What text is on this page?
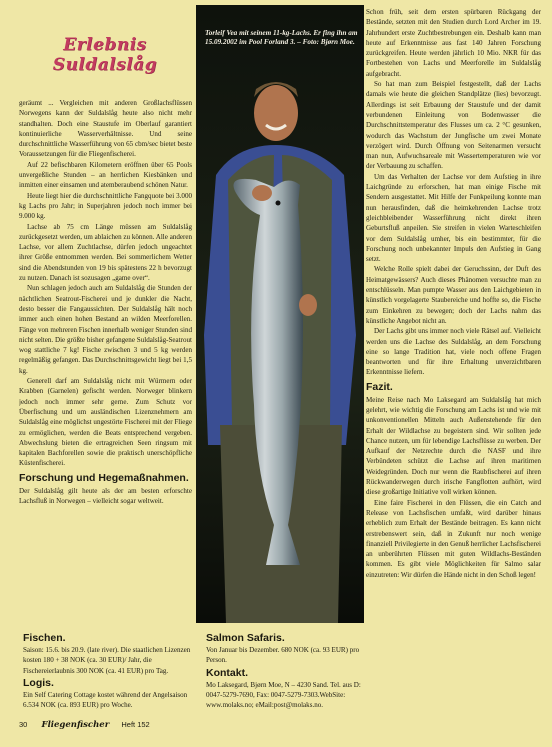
Erlebnis Suldalslåg

geräumt ... Vergleichen mit anderen Großlachsflüssen Norwegens kann der Suldalslåg heute also nicht mehr standhalten. Doch eine Staustufe im Oberlauf garantiert kontinuierliche Wasserverhältnisse. Und seine durchschnittliche Wasserführung von 65 cbm/sec bietet beste Voraussetzungen für die Fliegenfischerei.

Auf 22 befischbaren Kilometern eröffnen über 65 Pools unvergeßliche Stunden – an herrlichen Kiesbänken und inmitten einer einsamen und atemberaubend schönen Natur.

Heute liegt hier die durchschnittliche Fangquote bei 3.000 kg Lachs pro Jahr; in Superjahren jedoch noch immer bei 9.000 kg.

Lachse ab 75 cm Länge müssen am Suldalslåg zurückgesetzt werden, um ablaichen zu können. Alle anderen Lachse, vor allem Zuchtlachse, dürfen jedoch ungeachtet ihrer Größe entnommen werden. Bei sommerlichem Wetter sind die Abendstunden von 19 bis spätestens 22 h bevorzugt zu nutzen. Danach ist sozusagen „game over“.

Nun schlagen jedoch auch am Suldalslåg die Stunden der nächtlichen Seatrout-Fischerei und je dunkler die Nacht, desto besser die Fangaussichten. Der Suldalslåg hält noch immer auch einen hohen Bestand an wilden Meerforellen. Fänge von mehreren Fischen innerhalb weniger Stunden sind nicht selten. Die größte bisher gefangene Suldalslåg-Seatrout wog stattliche 7 kg! Fische zwischen 3 und 5 kg werden regelmäßig gefangen. Das Durchschnittsgewicht liegt bei 1,5 kg.

Generell darf am Suldalslåg nicht mit Würmern oder Krabben (Garnelen) gefischt werden. Norweger blinkern jedoch noch immer sehr gerne. Zum Schutz vor Überfischung und um ausländischen Lizenznehmern am Suldalslåg eine möglichst ungestörte Fischerei mit der Fliege zu ermöglichen, werden die Beats entsprechend vergeben. Abwechslung bieten die ertragreichen Seen ringsum mit kapitalen Bachforellen sowie die praktisch unerschöpfliche Küstenfischerei.

Forschung und Hegemaßnahmen.

Der Suldalslåg gilt heute als der am besten erforschte Lachsfluß in Norwegen – vielleicht sogar weltweit.

Torleif Vea mit seinem 11-kg-Lachs. Er fing ihn am 15.09.2002 im Pool Forland 3. – Foto: Bjørn Moe.

Schon früh, seit dem ersten spürbaren Rückgang der Bestände, setzten mit den Studien durch Lord Archer im 19. Jahrhundert erste Zuchtbestrebungen ein. Deshalb kann man heute auf Erkenntnisse aus fast 140 Jahren Forschung zurückgreifen. Heute werden jährlich 10 Mio. NKR für das Fortbestehen von Lachs und Meerforelle im Suldalslåg aufgebracht.

So hat man zum Beispiel festgestellt, daß der Lachs damals wie heute die gleichen Standplätze (lies) bevorzugt. Allerdings ist seit Erbauung der Staustufe und der damit verbundenen Einleitung von Bodenwasser die Durchschnittstemperatur des Flusses um ca. 2 °C gesunken, wodurch das Wachstum der Jungfische um zwei Monate verzögert wird. Durch Öffnung von Seitenarmen versucht man nun, Aufwuchsareale mit Wassertemperaturen wie vor der Verbauung zu schaffen.

Um das Verhalten der Lachse vor dem Aufstieg in ihre Laichgründe zu erforschen, hat man einige Fische mit Sendern ausgestattet. Mit Hilfe der Funkpeilung konnte man nun herausfinden, daß die heimkehrenden Lachse trotz gleichbleibender Wasserführung nicht direkt ihren Geburtsfluß anpeilen. Sie streifen in vielen Warteschleifen vor dem Suldalslåg umher, bis ein bestimmter, für die Forschung noch unbekannter Impuls den Aufstieg in Gang setzt.

Welche Rolle spielt dabei der Geruchssinn, der Duft des Heimatgewässers? Auch dieses Phänomen versuchte man zu entschlüsseln. Man pumpte Wasser aus den Laichgebieten in künstlich vorgelagerte Staubereiche und hoffte so, die Fische zum Einkehren zu bewegen; doch der Lachs nahm das künstliche Angebot nicht an.

Der Lachs gibt uns immer noch viele Rätsel auf. Vielleicht werden uns die Lachse des Suldalslåg, an dem Forschung eine so lange Tradition hat, viele noch offene Fragen beantworten und für ihre Erhaltung unverzichtbaren Erkenntnisse liefern.

Fazit.

Meine Reise nach Mo Laksegard am Suldalslåg hat mich gelehrt, wie wichtig die Forschung am Lachs ist und wie mit unkonventionellen Mitteln auch Außenstehende für den Erhalt der Wildlachse zu begeistern sind. Wir sollten jede Chance nutzen, um für lebendige Lachsflüsse zu werben. Der Aufkauf der Netzrechte durch die NASF und ihre Verbündeten schützt die Lachse auf ihren maritimen Weidegründen. Doch nur wenn die Raubfischerei auf ihren Rückwanderwegen durch irische Fangflotten aufhört, wird diese großartige Initiative voll wirken können.

Eine faire Fischerei in den Flüssen, die ein Catch and Release von Lachsfischen umfaßt, wird darüber hinaus erheblich zum Erhalt der Bestände beitragen. Es kann nicht erstrebenswert sein, daß in Zukunft nur noch wenige finanziell Privilegierte in den Genuß herrlicher Lachsfischerei an unberührten Flüssen mit guten Wildlachs-Beständen kommen. Es gibt viele Möglichkeiten für Salmo salar einzutreten: Wir dürfen die Hände nicht in den Schoß legen!

Fischen.

Saison: 15.6. bis 20.9. (late river). Die staatlichen Lizenzen kosten 180 + 38 NOK (ca. 30 EUR)/ Jahr, die Fischereierlaubnis 300 NOK (ca. 41 EUR) pro Tag.

Logis.

Ein Self Catering Cottage kostet während der Angelsaison 6.534 NOK (ca. 893 EUR) pro Woche.

Salmon Safaris.

Von Januar bis Dezember. 680 NOK (ca. 93 EUR) pro Person.

Kontakt.

Mo Laksegard, Bjørn Moe, N – 4230 Sand. Tel. aus D: 0047-5279-7690, Fax: 0047-5279-7303.WebSite: www.molaks.no; eMail:post@molaks.no.

30 Fliegenfischer Heft 152
